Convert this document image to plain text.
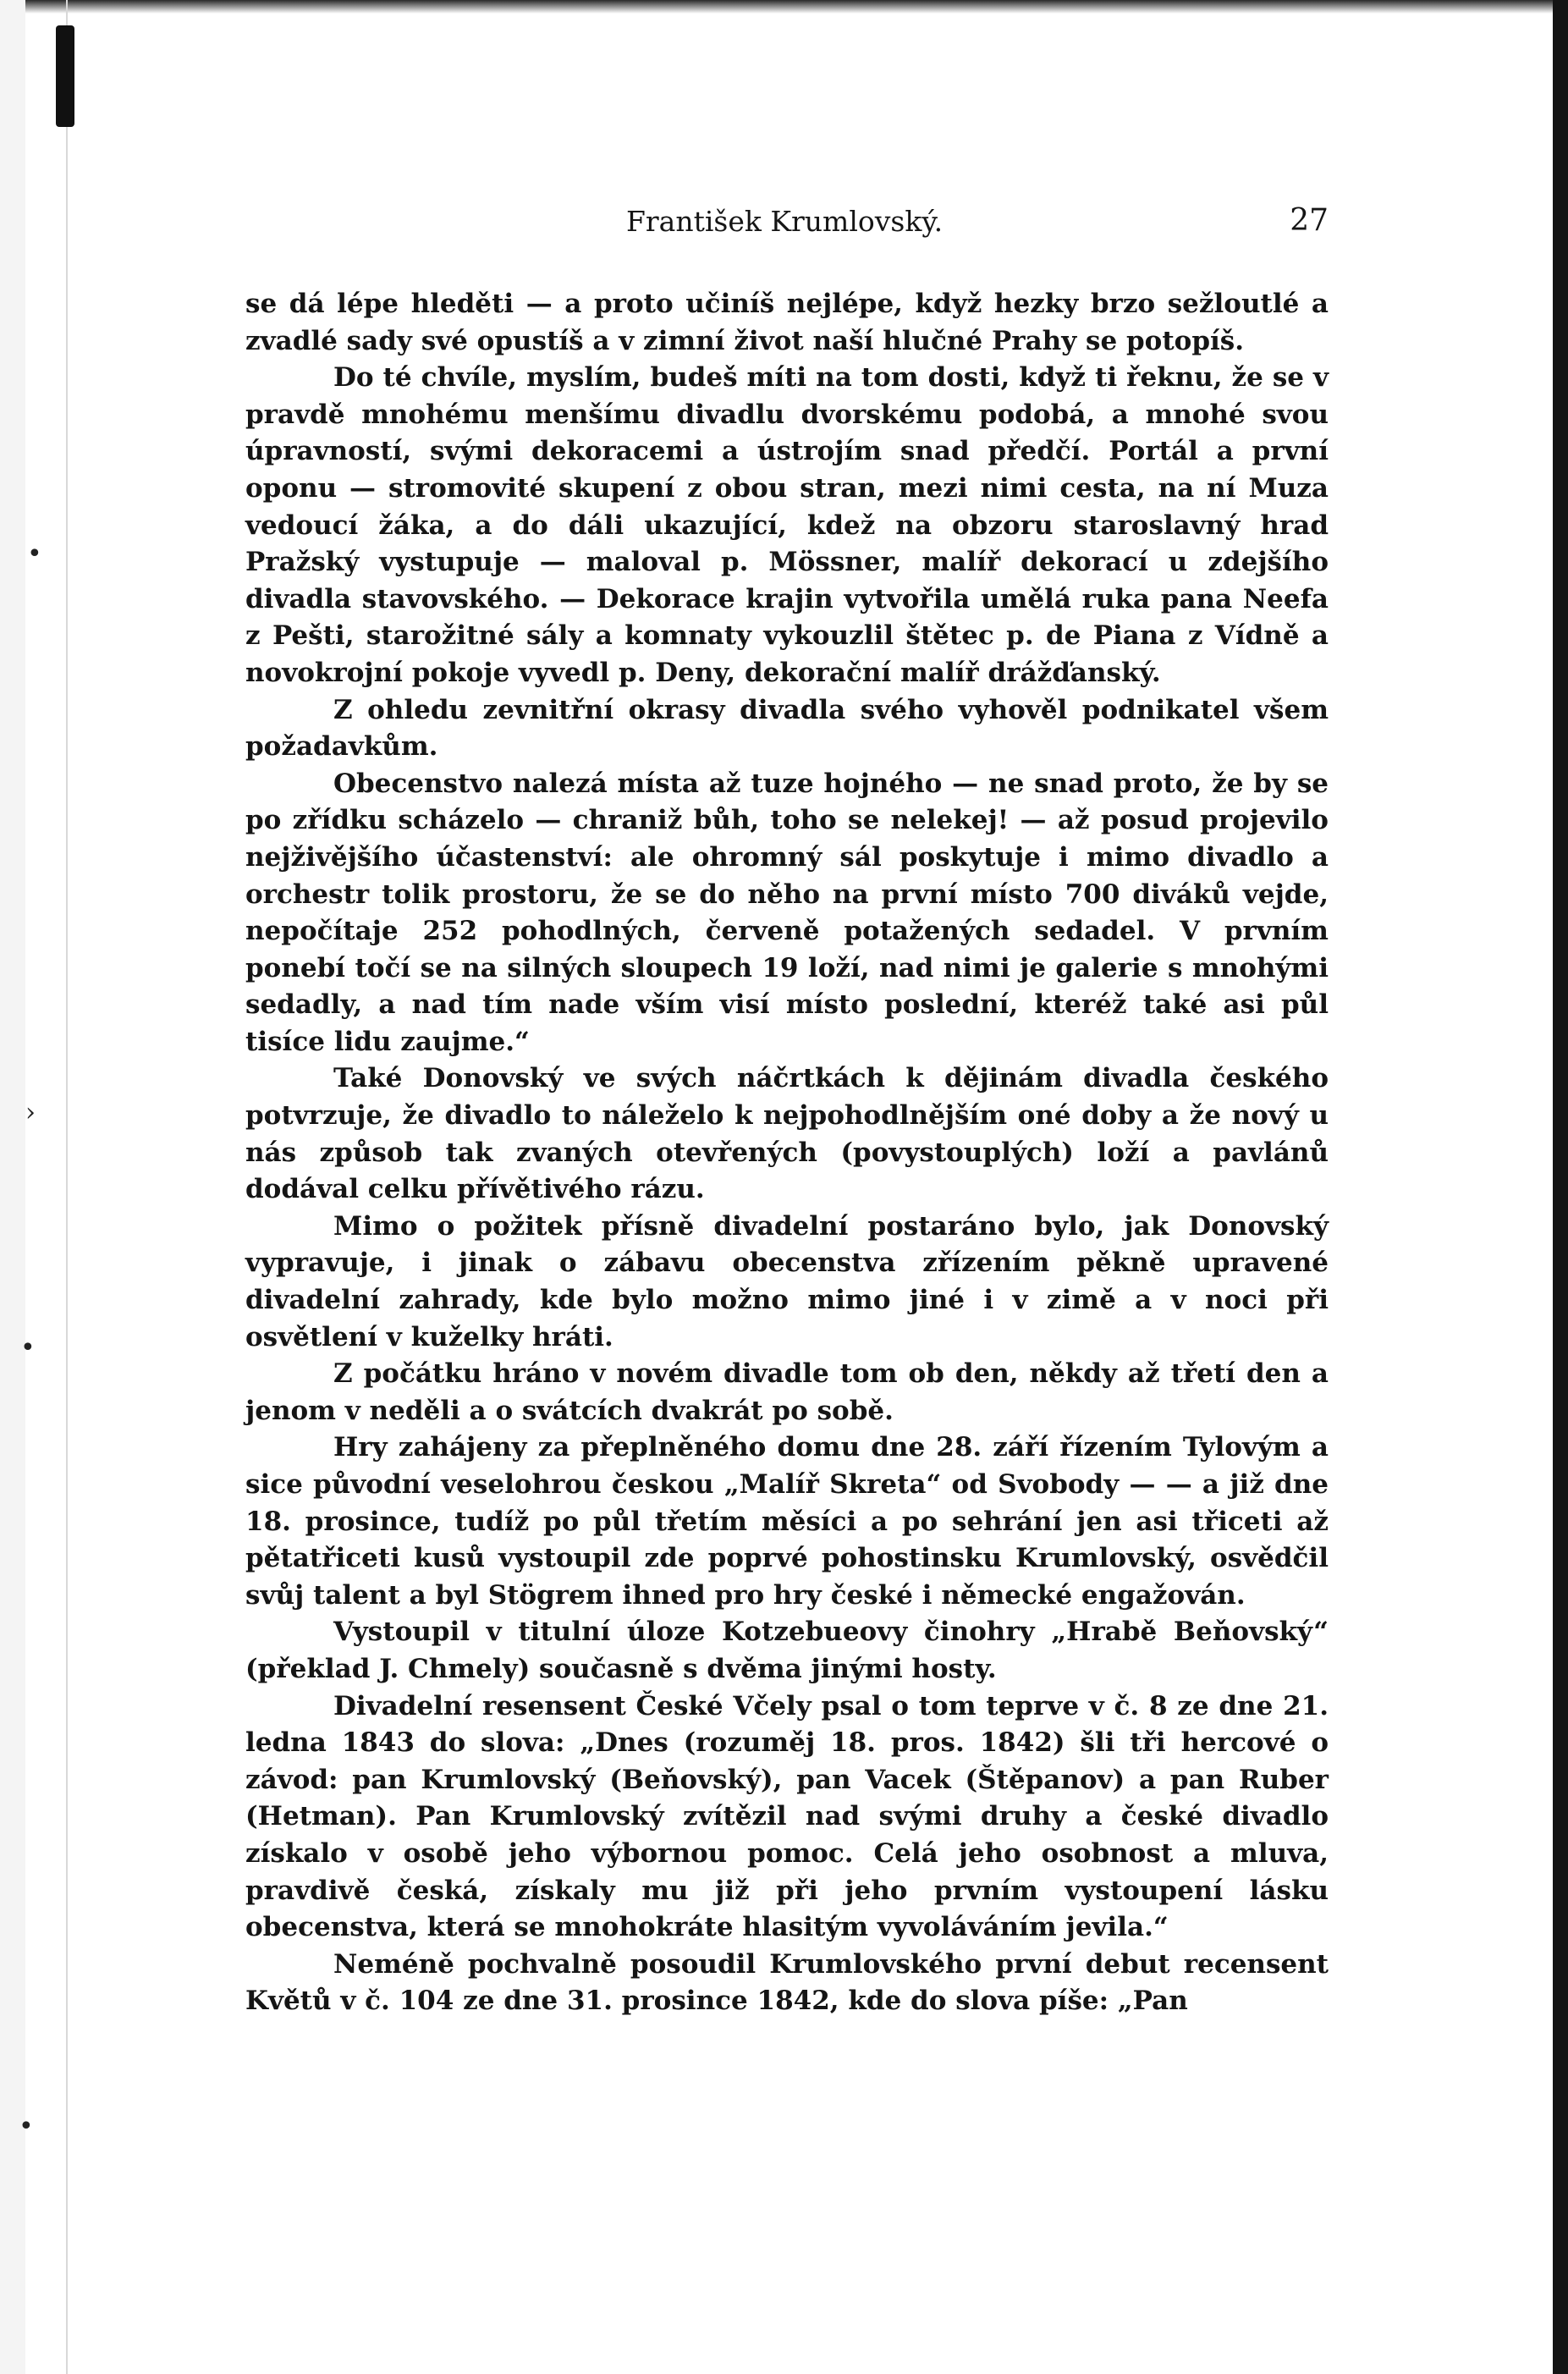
•
›
•
•
František Krumlovský.	27

se dá lépe hleděti — a proto učiníš nejlépe, když hezky brzo sežloutlé a zvadlé sady své opustíš a v zimní život naší hlučné Prahy se potopíš.

Do té chvíle, myslím, budeš míti na tom dosti, když ti řeknu, že se v pravdě mnohému menšímu divadlu dvorskému podobá, a mnohé svou úpravností, svými dekoracemi a ústrojím snad předčí. Portál a první oponu — stromovité skupení z obou stran, mezi nimi cesta, na ní Muza vedoucí žáka, a do dáli ukazující, kdež na obzoru staroslavný hrad Pražský vystupuje — maloval p. Mössner, malíř dekorací u zdejšího divadla stavovského. — Dekorace krajin vytvořila umělá ruka pana Neefa z Pešti, starožitné sály a komnaty vykouzlil štětec p. de Piana z Vídně a novokrojní pokoje vyvedl p. Deny, dekorační malíř drážďanský.

Z ohledu zevnitřní okrasy divadla svého vyhověl podnikatel všem požadavkům.

Obecenstvo nalezá místa až tuze hojného — ne snad proto, že by se po zřídku scházelo — chraniž bůh, toho se nelekej! — až posud projevilo nejživějšího účastenství: ale ohromný sál poskytuje i mimo divadlo a orchestr tolik prostoru, že se do něho na první místo 700 diváků vejde, nepočítaje 252 pohodlných, červeně potažených sedadel. V prvním ponebí točí se na silných sloupech 19 loží, nad nimi je galerie s mnohými sedadly, a nad tím nade vším visí místo poslední, kteréž také asi půl tisíce lidu zaujme.“

Také Donovský ve svých náčrtkách k dějinám divadla českého potvrzuje, že divadlo to náleželo k nejpohodlnějším oné doby a že nový u nás způsob tak zvaných otevřených (povystouplých) loží a pavlánů dodával celku přívětivého rázu.

Mimo o požitek přísně divadelní postaráno bylo, jak Donovský vypravuje, i jinak o zábavu obecenstva zřízením pěkně upravené divadelní zahrady, kde bylo možno mimo jiné i v zimě a v noci při osvětlení v kuželky hráti.

Z počátku hráno v novém divadle tom ob den, někdy až třetí den a jenom v neděli a o svátcích dvakrát po sobě.

Hry zahájeny za přeplněného domu dne 28. září řízením Tylovým a sice původní veselohrou českou „Malíř Skreta“ od Svobody — — a již dne 18. prosince, tudíž po půl třetím měsíci a po sehrání jen asi třiceti až pětatřiceti kusů vystoupil zde poprvé pohostinsku Krumlovský, osvědčil svůj talent a byl Stögrem ihned pro hry české i německé engažován.

Vystoupil v titulní úloze Kotzebueovy činohry „Hrabě Beňovský“ (překlad J. Chmely) současně s dvěma jinými hosty.

Divadelní resensent České Včely psal o tom teprve v č. 8 ze dne 21. ledna 1843 do slova: „Dnes (rozuměj 18. pros. 1842) šli tři hercové o závod: pan Krumlovský (Beňovský), pan Vacek (Štěpanov) a pan Ruber (Hetman). Pan Krumlovský zvítězil nad svými druhy a české divadlo získalo v osobě jeho výbornou pomoc. Celá jeho osobnost a mluva, pravdivě česká, získaly mu již při jeho prvním vystoupení lásku obecenstva, která se mnohokráte hlasitým vyvoláváním jevila.“

Neméně pochvalně posoudil Krumlovského první debut recensent Květů v č. 104 ze dne 31. prosince 1842, kde do slova píše: „Pan
